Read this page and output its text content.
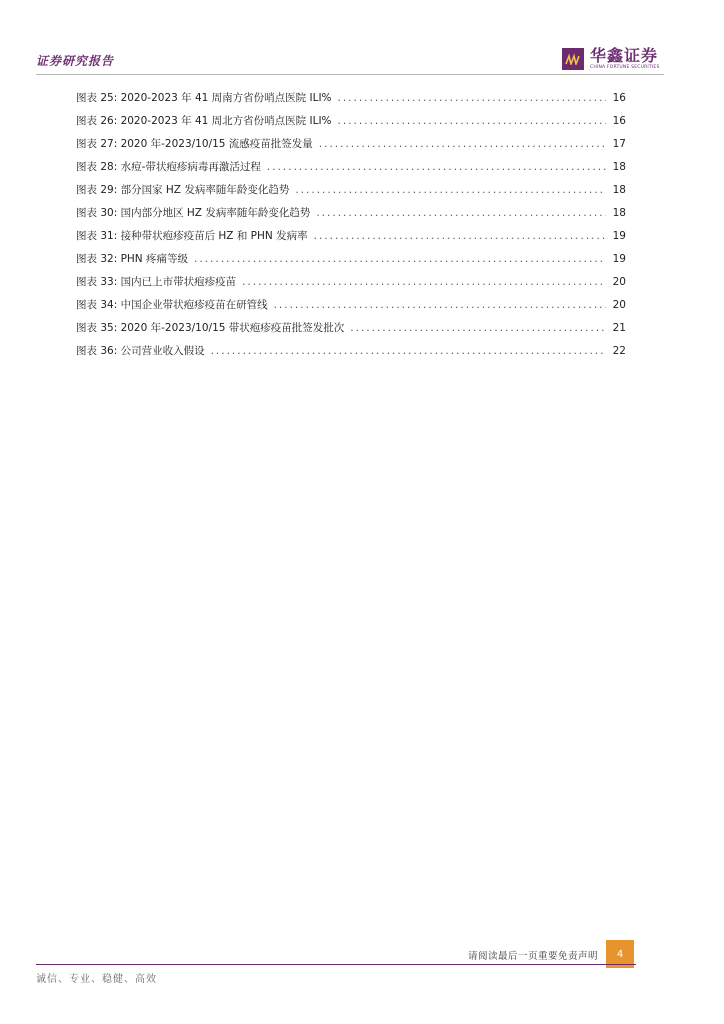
证券研究报告	华鑫证券
CHINA FORTUNE SECURITIES
图表 25: 2020-2023 年 41 周南方省份哨点医院 ILI% .....	16
图表 26: 2020-2023 年 41 周北方省份哨点医院 ILI% .....	16
图表 27: 2020 年-2023/10/15 流感疫苗批签发量 .....	17
图表 28: 水痘-带状疱疹病毒再激活过程 .....	18
图表 29: 部分国家 HZ 发病率随年龄变化趋势 .....	18
图表 30: 国内部分地区 HZ 发病率随年龄变化趋势 .....	18
图表 31: 接种带状疱疹疫苗后 HZ 和 PHN 发病率 .....	19
图表 32: PHN 疼痛等级 .....	19
图表 33: 国内已上市带状疱疹疫苗 .....	20
图表 34: 中国企业带状疱疹疫苗在研管线 .....	20
图表 35: 2020 年-2023/10/15 带状疱疹疫苗批签发批次 .....	21
图表 36: 公司营业收入假设 .....	22
请阅读最后一页重要免责声明	4
诚信、专业、稳健、高效
